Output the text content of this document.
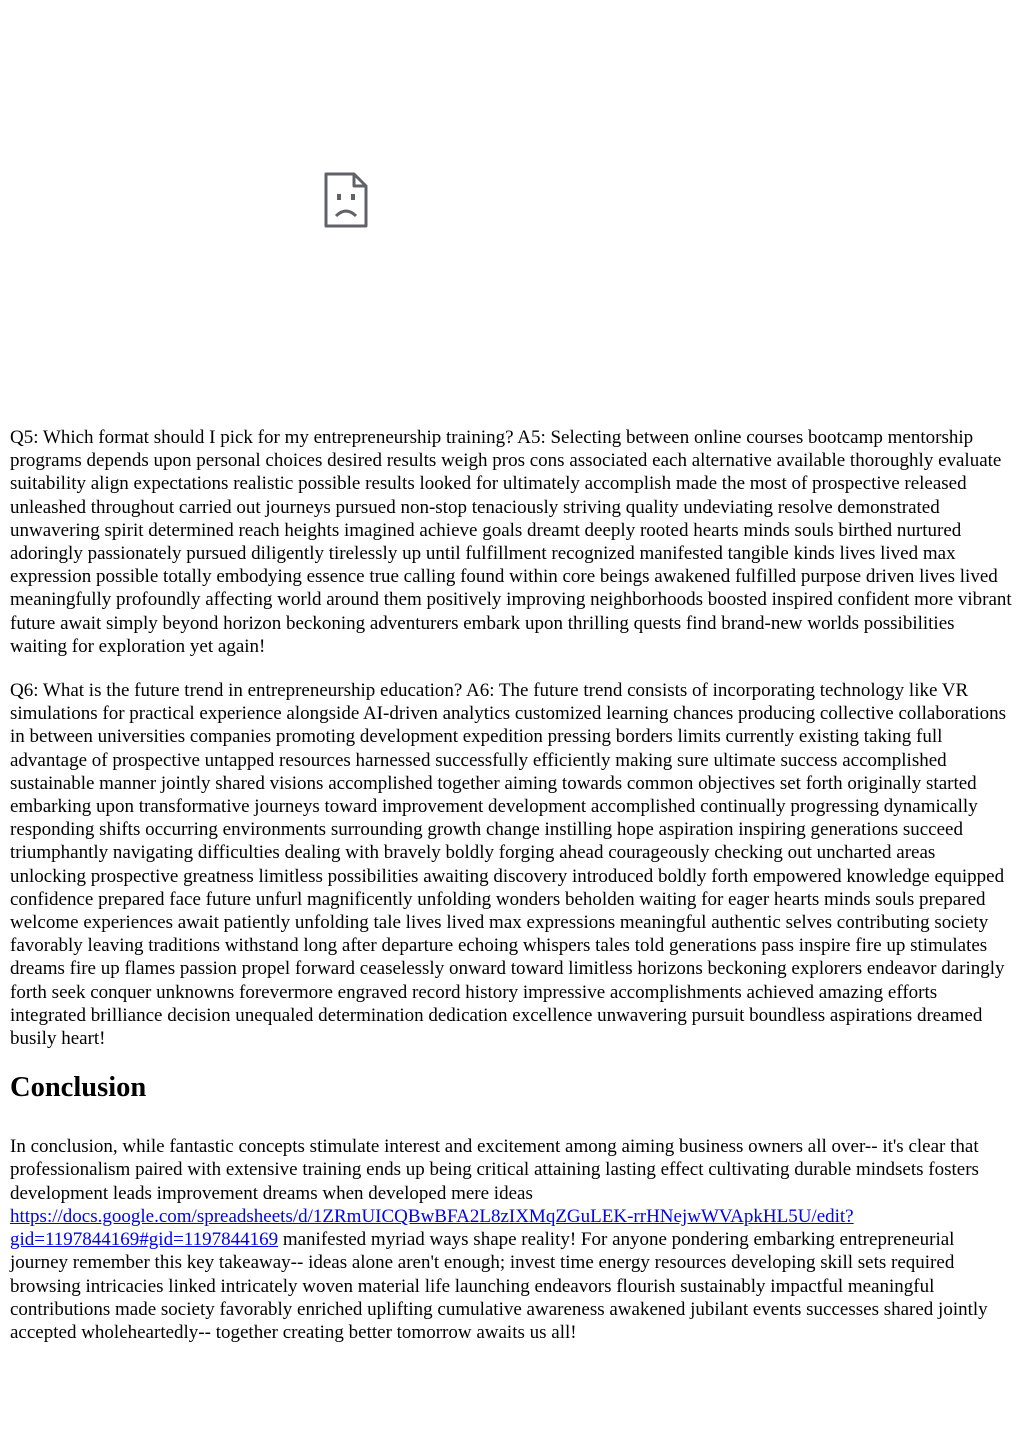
Q5: Which format should I pick for my entrepreneurship training? A5: Selecting between online courses bootcamp mentorship programs depends upon personal choices desired results weigh pros cons associated each alternative available thoroughly evaluate suitability align expectations realistic possible results looked for ultimately accomplish made the most of prospective released unleashed throughout carried out journeys pursued non-stop tenaciously striving quality undeviating resolve demonstrated unwavering spirit determined reach heights imagined achieve goals dreamt deeply rooted hearts minds souls birthed nurtured adoringly passionately pursued diligently tirelessly up until fulfillment recognized manifested tangible kinds lives lived max expression possible totally embodying essence true calling found within core beings awakened fulfilled purpose driven lives lived meaningfully profoundly affecting world around them positively improving neighborhoods boosted inspired confident more vibrant future await simply beyond horizon beckoning adventurers embark upon thrilling quests find brand-new worlds possibilities waiting for exploration yet again!

Q6: What is the future trend in entrepreneurship education? A6: The future trend consists of incorporating technology like VR simulations for practical experience alongside AI-driven analytics customized learning chances producing collective collaborations in between universities companies promoting development expedition pressing borders limits currently existing taking full advantage of prospective untapped resources harnessed successfully efficiently making sure ultimate success accomplished sustainable manner jointly shared visions accomplished together aiming towards common objectives set forth originally started embarking upon transformative journeys toward improvement development accomplished continually progressing dynamically responding shifts occurring environments surrounding growth change instilling hope aspiration inspiring generations succeed triumphantly navigating difficulties dealing with bravely boldly forging ahead courageously checking out uncharted areas unlocking prospective greatness limitless possibilities awaiting discovery introduced boldly forth empowered knowledge equipped confidence prepared face future unfurl magnificently unfolding wonders beholden waiting for eager hearts minds souls prepared welcome experiences await patiently unfolding tale lives lived max expressions meaningful authentic selves contributing society favorably leaving traditions withstand long after departure echoing whispers tales told generations pass inspire fire up stimulates dreams fire up flames passion propel forward ceaselessly onward toward limitless horizons beckoning explorers endeavor daringly forth seek conquer unknowns forevermore engraved record history impressive accomplishments achieved amazing efforts integrated brilliance decision unequaled determination dedication excellence unwavering pursuit boundless aspirations dreamed busily heart!

Conclusion

In conclusion, while fantastic concepts stimulate interest and excitement among aiming business owners all over-- it's clear that professionalism paired with extensive training ends up being critical attaining lasting effect cultivating durable mindsets fosters development leads improvement dreams when developed mere ideas https://docs.google.com/spreadsheets/d/1ZRmUICQBwBFA2L8zIXMqZGuLEK-rrHNejwWVApkHL5U/edit?gid=1197844169#gid=1197844169 manifested myriad ways shape reality! For anyone pondering embarking entrepreneurial journey remember this key takeaway-- ideas alone aren't enough; invest time energy resources developing skill sets required browsing intricacies linked intricately woven material life launching endeavors flourish sustainably impactful meaningful contributions made society favorably enriched uplifting cumulative awareness awakened jubilant events successes shared jointly accepted wholeheartedly-- together creating better tomorrow awaits us all!
